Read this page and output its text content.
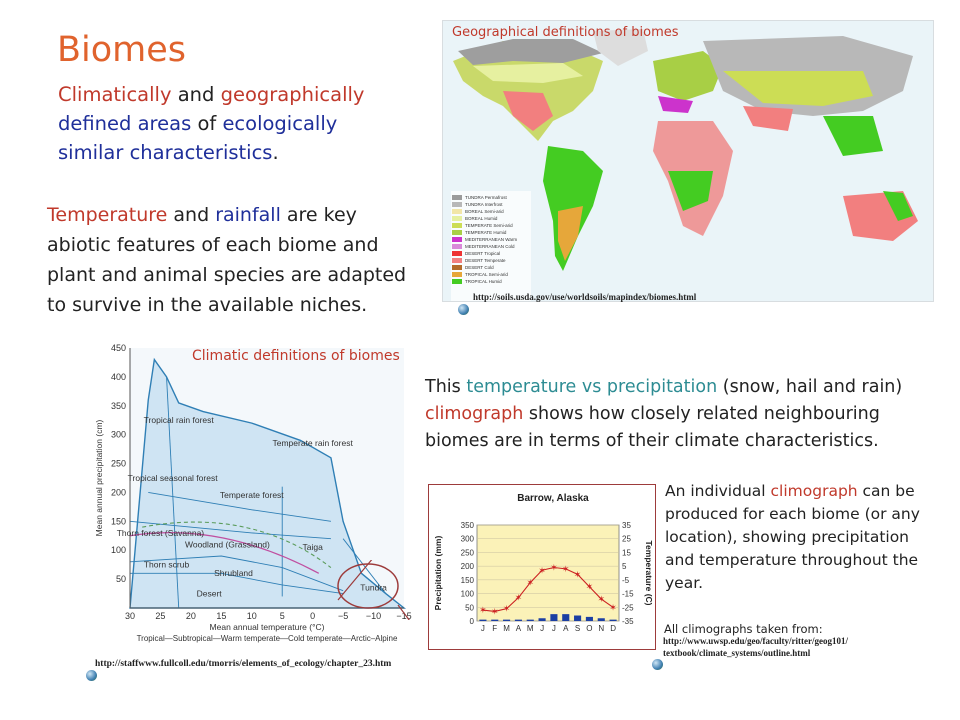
Biomes
Climatically and geographically defined areas of ecologically similar characteristics.
Temperature and rainfall are key abiotic features of each biome and plant and animal species are adapted to survive in the available niches.
Geographical definitions of biomes
TUNDRA Permafrost
TUNDRA Interfrost
BOREAL Semi-arid
BOREAL Humid
TEMPERATE Semi-arid
TEMPERATE Humid
MEDITERRANEAN Warm
MEDITERRANEAN Cold
DESERT Tropical
DESERT Temperate
DESERT Cold
TROPICAL Semi-arid
TROPICAL Humid
http://soils.usda.gov/use/worldsoils/mapindex/biomes.html
50
100
150
200
250
300
350
400
450
30 25 20 15 10	5	0	−5 −10 −15
Mean annual temperature (°C)
Tropical—Subtropical—Warm temperate—Cold temperate—Arctic–Alpine
Mean annual precipitation (cm)	Tropical rain forest
Tropical seasonal forest
Temperate rain forest
Temperate forest
Thorn forest (Savanna)
Woodland (Grassland)
Thorn scrub
Shrubland
Desert
Taiga
Tundra
Climatic definitions of biomes
http://staffwww.fullcoll.edu/tmorris/elements_of_ecology/chapter_23.htm
This temperature vs precipitation (snow, hail and rain) climograph shows how closely related neighbouring biomes are in terms of their climate characteristics.
Barrow, Alaska
0
50
100
150
200
250
300
350
-35
-25
-15
-5
5
15
25
35
J F M A M J J A S O N D
✶ ✶ ✶
✶
✶
✶ ✶ ✶
✶
✶
✶
✶
Precipitation (mm)	Temperature (C)
An individual climograph can be produced for each biome (or any location), showing precipitation and temperature throughout the year.
All climographs taken from:
http://www.uwsp.edu/geo/faculty/ritter/geog101/ textbook/climate_systems/outline.html
